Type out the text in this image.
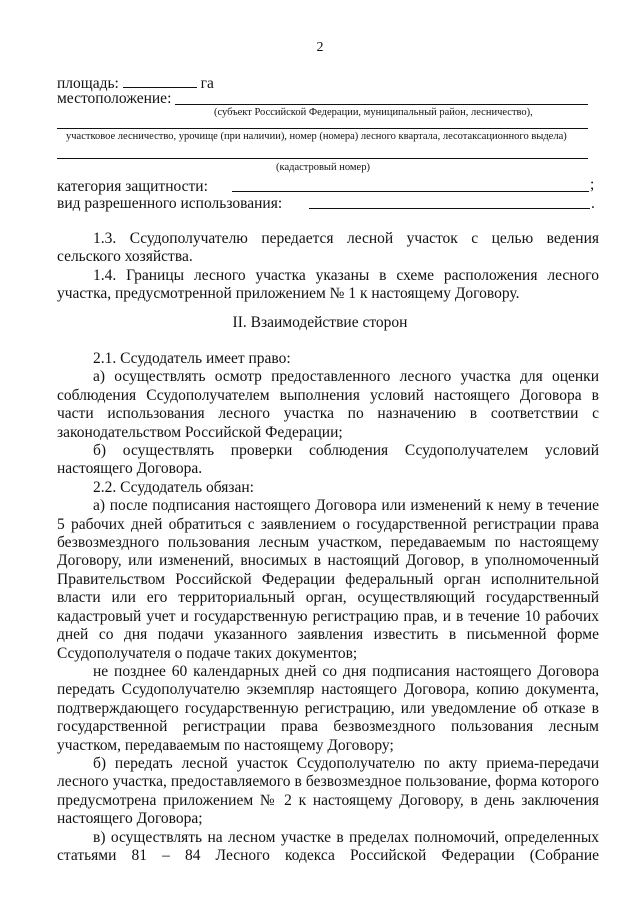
2
площадь:	га
местоположение:
(субъект Российской Федерации, муниципальный район, лесничество),
участковое лесничество, урочище (при наличии), номер (номера) лесного квартала, лесотаксационного выдела)
(кадастровый номер)
категория защитности:	;
вид разрешенного использования:	.

1.3. Ссудополучателю передается лесной участок с целью ведения сельского хозяйства.

1.4. Границы лесного участка указаны в схеме расположения лесного участка, предусмотренной приложением № 1 к настоящему Договору.

II. Взаимодействие сторон

2.1. Ссудодатель имеет право:

а) осуществлять осмотр предоставленного лесного участка для оценки соблюдения Ссудополучателем выполнения условий настоящего Договора в части использования лесного участка по назначению в соответствии с законодательством Российской Федерации;

б) осуществлять проверки соблюдения Ссудополучателем условий настоящего Договора.

2.2. Ссудодатель обязан:

а) после подписания настоящего Договора или изменений к нему в течение 5 рабочих дней обратиться с заявлением о государственной регистрации права безвозмездного пользования лесным участком, передаваемым по настоящему Договору, или изменений, вносимых в настоящий Договор, в уполномоченный Правительством Российской Федерации федеральный орган исполнительной власти или его территориальный орган, осуществляющий государственный кадастровый учет и государственную регистрацию прав, и в течение 10 рабочих дней со дня подачи указанного заявления известить в письменной форме Ссудополучателя о подаче таких документов;

не позднее 60 календарных дней со дня подписания настоящего Договора передать Ссудополучателю экземпляр настоящего Договора, копию документа, подтверждающего государственную регистрацию, или уведомление об отказе в государственной регистрации права безвозмездного пользования лесным участком, передаваемым по настоящему Договору;

б) передать лесной участок Ссудополучателю по акту приема-передачи лесного участка, предоставляемого в безвозмездное пользование, форма которого предусмотрена приложением № 2 к настоящему Договору, в день заключения настоящего Договора;

в) осуществлять на лесном участке в пределах полномочий, определенных статьями 81 – 84 Лесного кодекса Российской Федерации (Собрание
